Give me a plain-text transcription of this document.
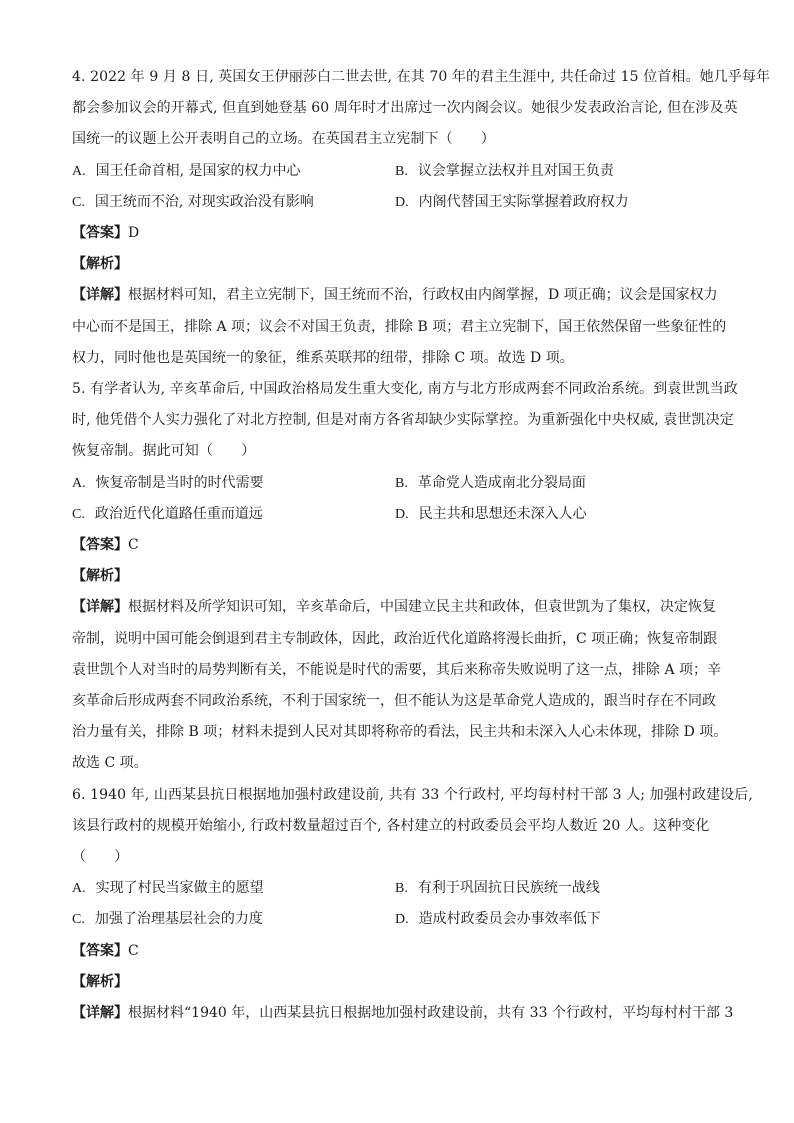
4. 2022 年 9 月 8 日, 英国女王伊丽莎白二世去世, 在其 70 年的君主生涯中, 共任命过 15 位首相。她几乎每年
都会参加议会的开幕式, 但直到她登基 60 周年时才出席过一次内阁会议。她很少发表政治言论, 但在涉及英
国统一的议题上公开表明自己的立场。在英国君主立宪制下（　　）
A. 国王任命首相, 是国家的权力中心	B. 议会掌握立法权并且对国王负责
C. 国王统而不治, 对现实政治没有影响	D. 内阁代替国王实际掌握着政府权力
【答案】D
【解析】
【详解】根据材料可知，君主立宪制下，国王统而不治，行政权由内阁掌握，D 项正确；议会是国家权力
中心而不是国王，排除 A 项；议会不对国王负责，排除 B 项；君主立宪制下，国王依然保留一些象征性的
权力，同时他也是英国统一的象征，维系英联邦的纽带，排除 C 项。故选 D 项。
5. 有学者认为, 辛亥革命后, 中国政治格局发生重大变化, 南方与北方形成两套不同政治系统。到袁世凯当政
时, 他凭借个人实力强化了对北方控制, 但是对南方各省却缺少实际掌控。为重新强化中央权威, 袁世凯决定
恢复帝制。据此可知（　　）
A. 恢复帝制是当时的时代需要	B. 革命党人造成南北分裂局面
C. 政治近代化道路任重而道远	D. 民主共和思想还未深入人心
【答案】C
【解析】
【详解】根据材料及所学知识可知，辛亥革命后，中国建立民主共和政体，但袁世凯为了集权，决定恢复
帝制，说明中国可能会倒退到君主专制政体，因此，政治近代化道路将漫长曲折，C 项正确；恢复帝制跟
袁世凯个人对当时的局势判断有关，不能说是时代的需要，其后来称帝失败说明了这一点，排除 A 项；辛
亥革命后形成两套不同政治系统，不利于国家统一，但不能认为这是革命党人造成的，跟当时存在不同政
治力量有关，排除 B 项；材料未提到人民对其即将称帝的看法，民主共和未深入人心未体现，排除 D 项。
故选 C 项。
6. 1940 年, 山西某县抗日根据地加强村政建设前, 共有 33 个行政村, 平均每村村干部 3 人; 加强村政建设后,
该县行政村的规模开始缩小, 行政村数量超过百个, 各村建立的村政委员会平均人数近 20 人。这种变化
（　　）
A. 实现了村民当家做主的愿望	B. 有利于巩固抗日民族统一战线
C. 加强了治理基层社会的力度	D. 造成村政委员会办事效率低下
【答案】C
【解析】
【详解】根据材料“1940 年，山西某县抗日根据地加强村政建设前，共有 33 个行政村，平均每村村干部 3
